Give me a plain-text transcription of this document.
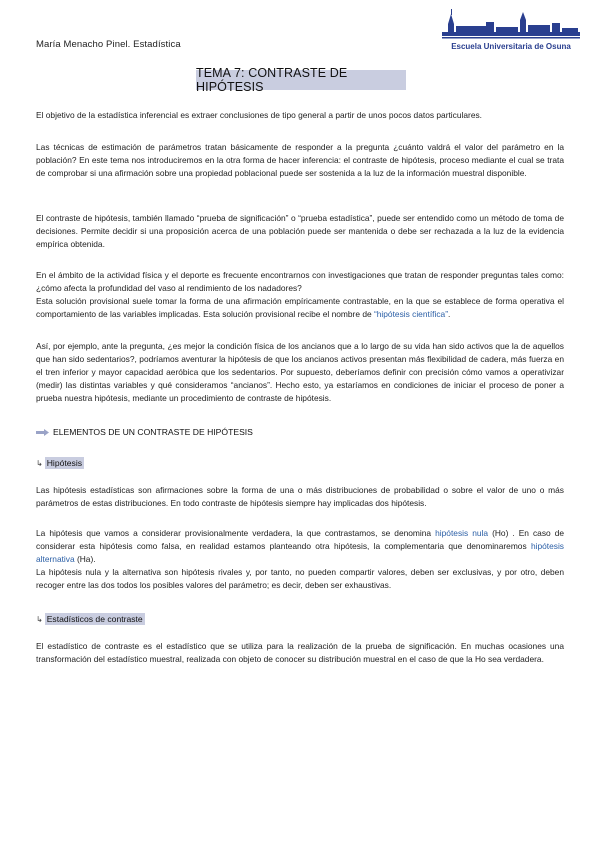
María Menacho Pinel. Estadística	Escuela Universitaria de Osuna
TEMA 7: CONTRASTE DE HIPÓTESIS
El objetivo de la estadística inferencial es extraer conclusiones de tipo general a partir de unos pocos datos particulares.
Las técnicas de estimación de parámetros tratan básicamente de responder a la pregunta ¿cuánto valdrá el valor del parámetro en la población? En este tema nos introduciremos en la otra forma de hacer inferencia: el contraste de hipótesis, proceso mediante el cual se trata de comprobar si una afirmación sobre una propiedad poblacional puede ser sostenida a la luz de la información muestral disponible.
El contraste de hipótesis, también llamado “prueba de significación” o “prueba estadística”, puede ser entendido como un método de toma de decisiones. Permite decidir si una proposición acerca de una población puede ser mantenida o debe ser rechazada a la luz de la evidencia empírica obtenida.
En el ámbito de la actividad física y el deporte es frecuente encontrarnos con investigaciones que tratan de responder preguntas tales como: ¿cómo afecta la profundidad del vaso al rendimiento de los nadadores?
Esta solución provisional suele tomar la forma de una afirmación empíricamente contrastable, en la que se establece de forma operativa el comportamiento de las variables implicadas. Esta solución provisional recibe el nombre de “hipótesis científica”.
Así, por ejemplo, ante la pregunta, ¿es mejor la condición física de los ancianos que a lo largo de su vida han sido activos que la de aquellos que han sido sedentarios?, podríamos aventurar la hipótesis de que los ancianos activos presentan más flexibilidad de cadera, más fuerza en el tren inferior y mayor capacidad aeróbica que los sedentarios. Por supuesto, deberíamos definir con precisión cómo vamos a operativizar (medir) las distintas variables y qué consideramos “ancianos”. Hecho esto, ya estaríamos en condiciones de iniciar el proceso de poner a prueba nuestra hipótesis, mediante un procedimiento de contraste de hipótesis.
ELEMENTOS DE UN CONTRASTE DE HIPÓTESIS
↳ Hipótesis
Las hipótesis estadísticas son afirmaciones sobre la forma de una o más distribuciones de probabilidad o sobre el valor de uno o más parámetros de estas distribuciones. En todo contraste de hipótesis siempre hay implicadas dos hipótesis.
La hipótesis que vamos a considerar provisionalmente verdadera, la que contrastamos, se denomina hipótesis nula (Ho) . En caso de considerar esta hipótesis como falsa, en realidad estamos planteando otra hipótesis, la complementaria que denominaremos hipótesis alternativa (Ha).
La hipótesis nula y la alternativa son hipótesis rivales y, por tanto, no pueden compartir valores, deben ser exclusivas, y por otro, deben recoger entre las dos todos los posibles valores del parámetro; es decir, deben ser exhaustivas.
↳ Estadísticos de contraste
El estadístico de contraste es el estadístico que se utiliza para la realización de la prueba de significación. En muchas ocasiones una transformación del estadístico muestral, realizada con objeto de conocer su distribución muestral en el caso de que la Ho sea verdadera.
